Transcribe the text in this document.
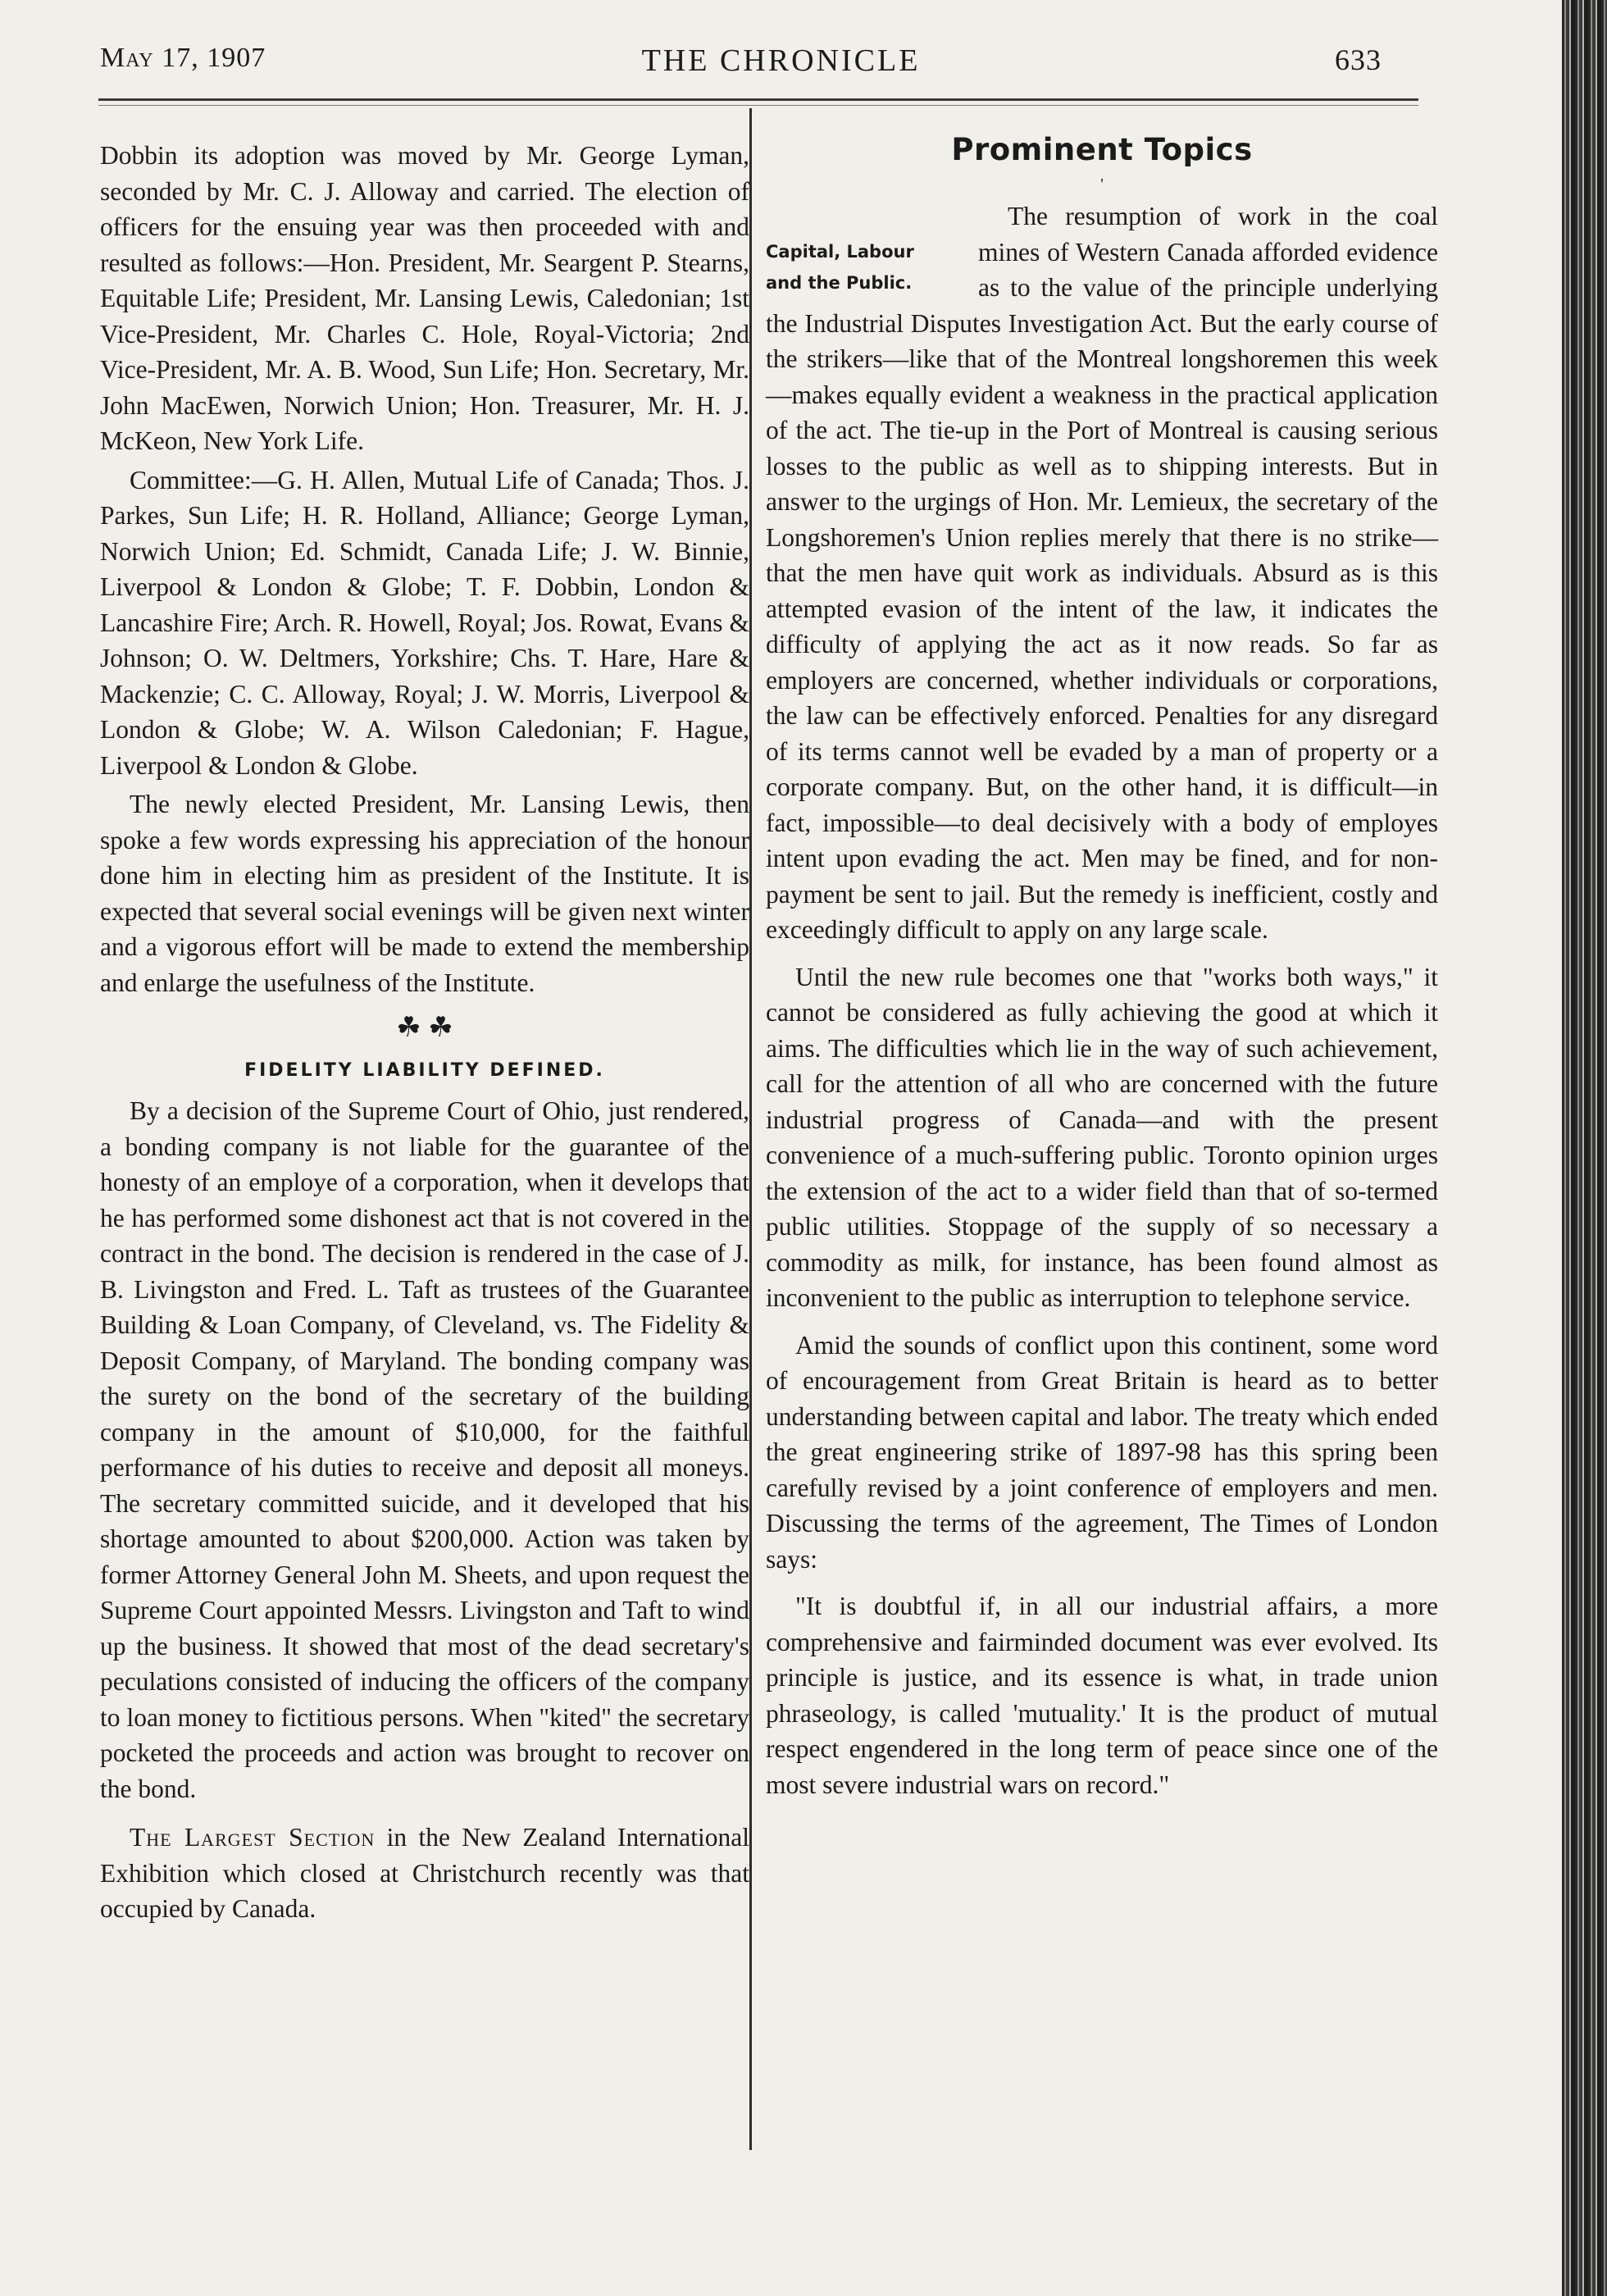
May 17, 1907	THE CHRONICLE	633

Dobbin its adoption was moved by Mr. George Lyman, seconded by Mr. C. J. Alloway and carried. The election of officers for the ensuing year was then proceeded with and resulted as follows:—Hon. President, Mr. Seargent P. Stearns, Equitable Life; President, Mr. Lansing Lewis, Caledonian; 1st Vice-President, Mr. Charles C. Hole, Royal-Victoria; 2nd Vice-President, Mr. A. B. Wood, Sun Life; Hon. Secretary, Mr. John MacEwen, Norwich Union; Hon. Treasurer, Mr. H. J. McKeon, New York Life.

Committee:—G. H. Allen, Mutual Life of Canada; Thos. J. Parkes, Sun Life; H. R. Holland, Alliance; George Lyman, Norwich Union; Ed. Schmidt, Canada Life; J. W. Binnie, Liverpool & London & Globe; T. F. Dobbin, London & Lancashire Fire; Arch. R. Howell, Royal; Jos. Rowat, Evans & Johnson; O. W. Deltmers, Yorkshire; Chs. T. Hare, Hare & Mackenzie; C. C. Alloway, Royal; J. W. Morris, Liverpool & London & Globe; W. A. Wilson Caledonian; F. Hague, Liverpool & London & Globe.

The newly elected President, Mr. Lansing Lewis, then spoke a few words expressing his appreciation of the honour done him in electing him as president of the Institute. It is expected that several social evenings will be given next winter and a vigorous effort will be made to extend the membership and enlarge the usefulness of the Institute.

☘ ☘
FIDELITY LIABILITY DEFINED.

By a decision of the Supreme Court of Ohio, just rendered, a bonding company is not liable for the guarantee of the honesty of an employe of a corporation, when it develops that he has performed some dishonest act that is not covered in the contract in the bond. The decision is rendered in the case of J. B. Livingston and Fred. L. Taft as trustees of the Guarantee Building & Loan Company, of Cleveland, vs. The Fidelity & Deposit Company, of Maryland. The bonding company was the surety on the bond of the secretary of the building company in the amount of $10,000, for the faithful performance of his duties to receive and deposit all moneys. The secretary committed suicide, and it developed that his shortage amounted to about $200,000. Action was taken by former Attorney General John M. Sheets, and upon request the Supreme Court appointed Messrs. Livingston and Taft to wind up the business. It showed that most of the dead secretary's peculations consisted of inducing the officers of the company to loan money to fictitious persons. When "kited" the secretary pocketed the proceeds and action was brought to recover on the bond.

The Largest Section in the New Zealand International Exhibition which closed at Christchurch recently was that occupied by Canada.

Prominent Topics
'
Capital, Labour
and the Public.

The resumption of work in the coal mines of Western Canada afforded evidence as to the value of the principle underlying the Industrial Disputes Investigation Act. But the early course of the strikers—like that of the Montreal longshoremen this week—makes equally evident a weakness in the practical application of the act. The tie-up in the Port of Montreal is causing serious losses to the public as well as to shipping interests. But in answer to the urgings of Hon. Mr. Lemieux, the secretary of the Longshoremen's Union replies merely that there is no strike—that the men have quit work as individuals. Absurd as is this attempted evasion of the intent of the law, it indicates the difficulty of applying the act as it now reads. So far as employers are concerned, whether individuals or corporations, the law can be effectively enforced. Penalties for any disregard of its terms cannot well be evaded by a man of property or a corporate company. But, on the other hand, it is difficult—in fact, impossible—to deal decisively with a body of employes intent upon evading the act. Men may be fined, and for non-payment be sent to jail. But the remedy is inefficient, costly and exceedingly difficult to apply on any large scale.

Until the new rule becomes one that "works both ways," it cannot be considered as fully achieving the good at which it aims. The difficulties which lie in the way of such achievement, call for the attention of all who are concerned with the future industrial progress of Canada—and with the present convenience of a much-suffering public. Toronto opinion urges the extension of the act to a wider field than that of so-termed public utilities. Stoppage of the supply of so necessary a commodity as milk, for instance, has been found almost as inconvenient to the public as interruption to telephone service.

Amid the sounds of conflict upon this continent, some word of encouragement from Great Britain is heard as to better understanding between capital and labor. The treaty which ended the great engineering strike of 1897-98 has this spring been carefully revised by a joint conference of employers and men. Discussing the terms of the agreement, The Times of London says:

"It is doubtful if, in all our industrial affairs, a more comprehensive and fairminded document was ever evolved. Its principle is justice, and its essence is what, in trade union phraseology, is called 'mutuality.' It is the product of mutual respect engendered in the long term of peace since one of the most severe industrial wars on record."
